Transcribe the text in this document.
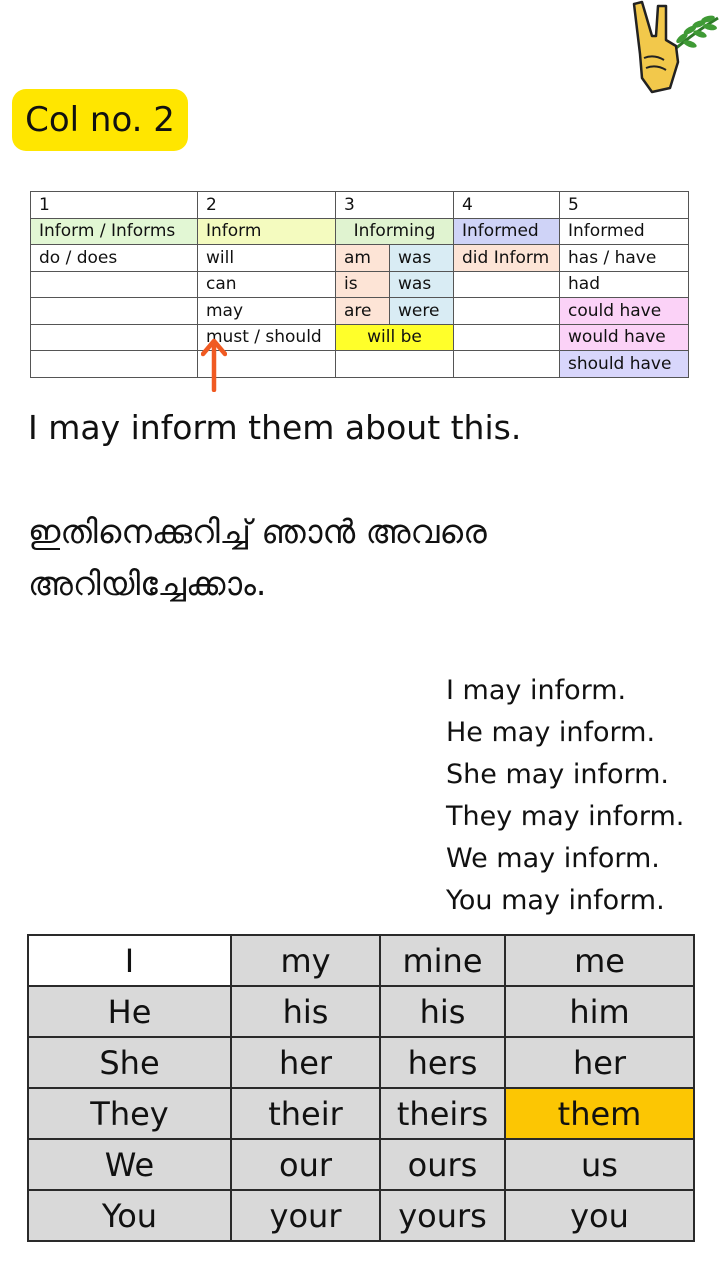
Col no. 2
1	2	3		4	5
Inform / Informs	Inform	Informing		Informed	Informed
do / does	will	am	was	did Inform	has / have
	can	is	was		had
	may	are	were		could have
	must / should	will be			would have
					should have
I may inform them about this.
ഇതിനെക്കുറിച്ച് ഞാൻ അവരെ അറിയിച്ചേക്കാം.
I may inform.
He may inform.
She may inform.
They may inform.
We may inform.
You may inform.
I	my	mine	me
He	his	his	him
She	her	hers	her
They	their	theirs	them
We	our	ours	us
You	your	yours	you
